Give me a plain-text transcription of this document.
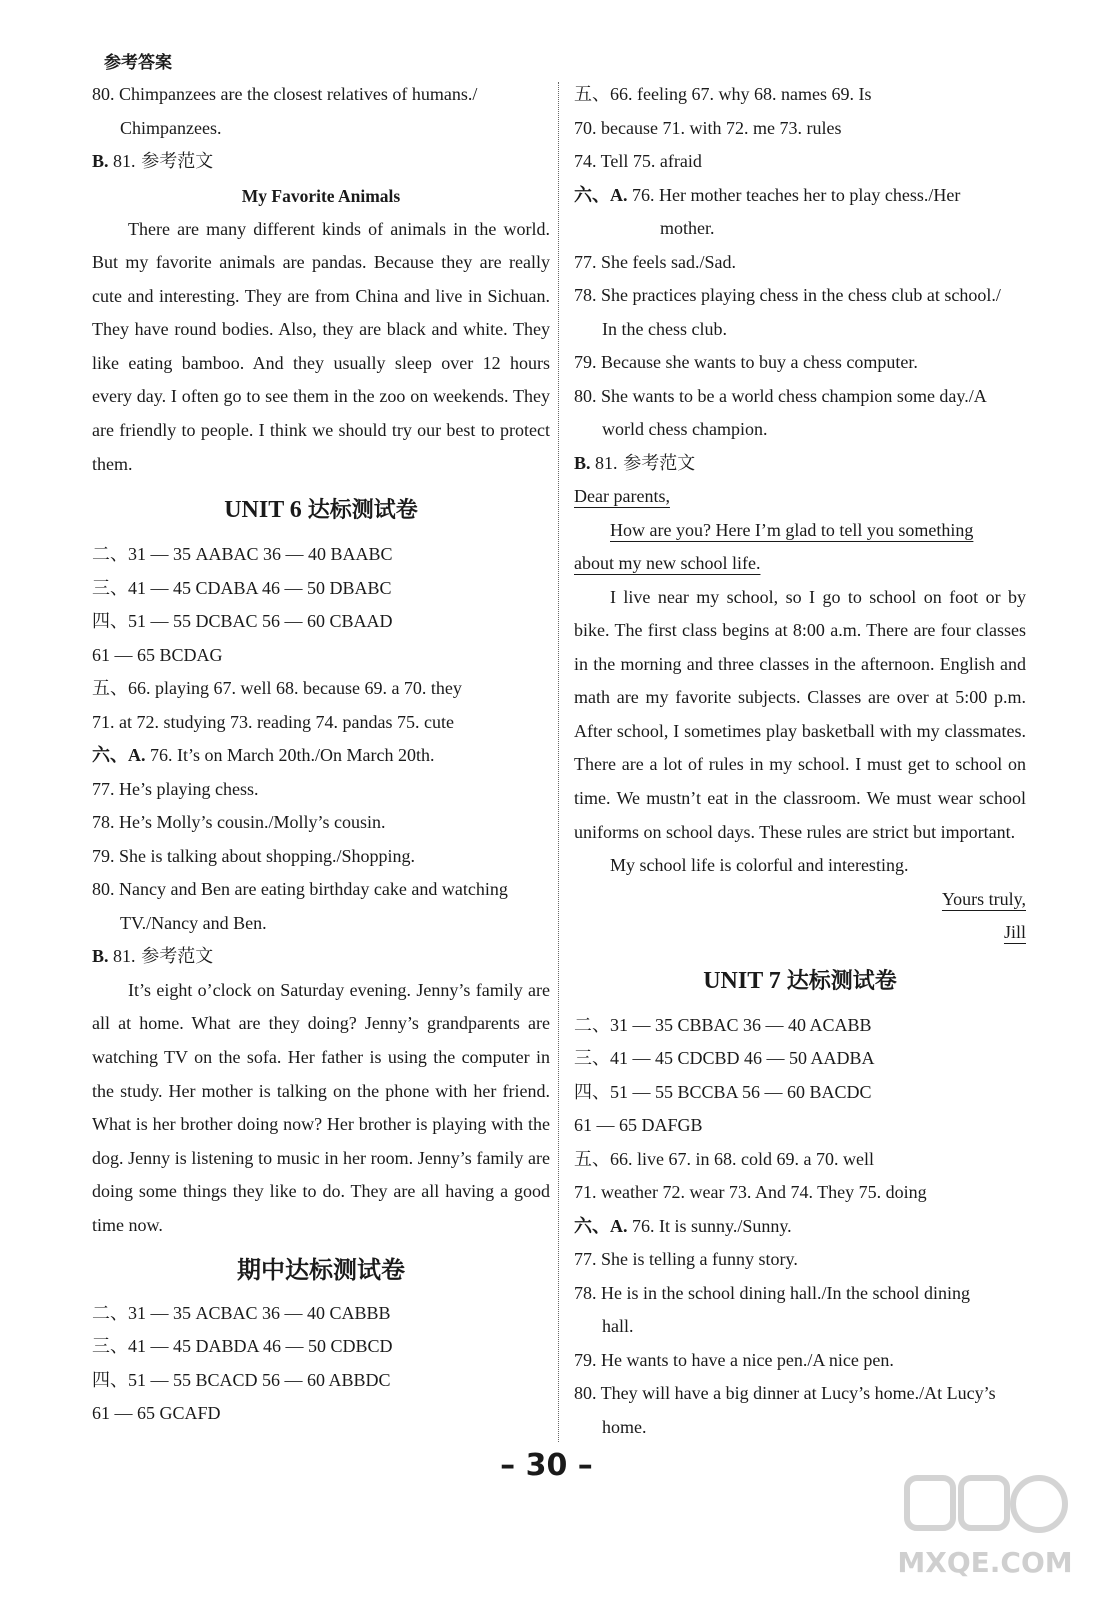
参考答案
80. Chimpanzees are the closest relatives of humans./
Chimpanzees.
B. 81. 参考范文
My Favorite Animals

There are many different kinds of animals in the world. But my favorite animals are pandas. Because they are really cute and interesting. They are from China and live in Sichuan. They have round bodies. Also, they are black and white. They like eating bamboo. And they usually sleep over 12 hours every day. I often go to see them in the zoo on weekends. They are friendly to people. I think we should try our best to protect them.

UNIT 6 达标测试卷
二、31 — 35 AABAC 36 — 40 BAABC
三、41 — 45 CDABA 46 — 50 DBABC
四、51 — 55 DCBAC 56 — 60 CBAAD
61 — 65 BCDAG
五、66. playing 67. well 68. because 69. a 70. they
71. at 72. studying 73. reading 74. pandas 75. cute
六、A. 76. It’s on March 20th./On March 20th.
77. He’s playing chess.
78. He’s Molly’s cousin./Molly’s cousin.
79. She is talking about shopping./Shopping.
80. Nancy and Ben are eating birthday cake and watching
TV./Nancy and Ben.
B. 81. 参考范文

It’s eight o’clock on Saturday evening. Jenny’s family are all at home. What are they doing? Jenny’s grandparents are watching TV on the sofa. Her father is using the computer in the study. Her mother is talking on the phone with her friend. What is her brother doing now? Her brother is playing with the dog. Jenny is listening to music in her room. Jenny’s family are doing some things they like to do. They are all having a good time now.

期中达标测试卷
二、31 — 35 ACBAC 36 — 40 CABBB
三、41 — 45 DABDA 46 — 50 CDBCD
四、51 — 55 BCACD 56 — 60 ABBDC
61 — 65 GCAFD
五、66. feeling 67. why 68. names 69. Is
70. because 71. with 72. me 73. rules
74. Tell 75. afraid
六、A. 76. Her mother teaches her to play chess./Her
mother.
77. She feels sad./Sad.
78. She practices playing chess in the chess club at school./
In the chess club.
79. Because she wants to buy a chess computer.
80. She wants to be a world chess champion some day./A
world chess champion.
B. 81. 参考范文
Dear parents,
How are you? Here I’m glad to tell you something
about my new school life.

I live near my school, so I go to school on foot or by bike. The first class begins at 8:00 a.m. There are four classes in the morning and three classes in the afternoon. English and math are my favorite subjects. Classes are over at 5:00 p.m. After school, I sometimes play basketball with my classmates. There are a lot of rules in my school. I must get to school on time. We mustn’t eat in the classroom. We must wear school uniforms on school days. These rules are strict but important.

My school life is colorful and interesting.

Yours truly,
Jill
UNIT 7 达标测试卷
二、31 — 35 CBBAC 36 — 40 ACABB
三、41 — 45 CDCBD 46 — 50 AADBA
四、51 — 55 BCCBA 56 — 60 BACDC
61 — 65 DAFGB
五、66. live 67. in 68. cold 69. a 70. well
71. weather 72. wear 73. And 74. They 75. doing
六、A. 76. It is sunny./Sunny.
77. She is telling a funny story.
78. He is in the school dining hall./In the school dining
hall.
79. He wants to have a nice pen./A nice pen.
80. They will have a big dinner at Lucy’s home./At Lucy’s
home.
– 30 –
MXQE.COM
